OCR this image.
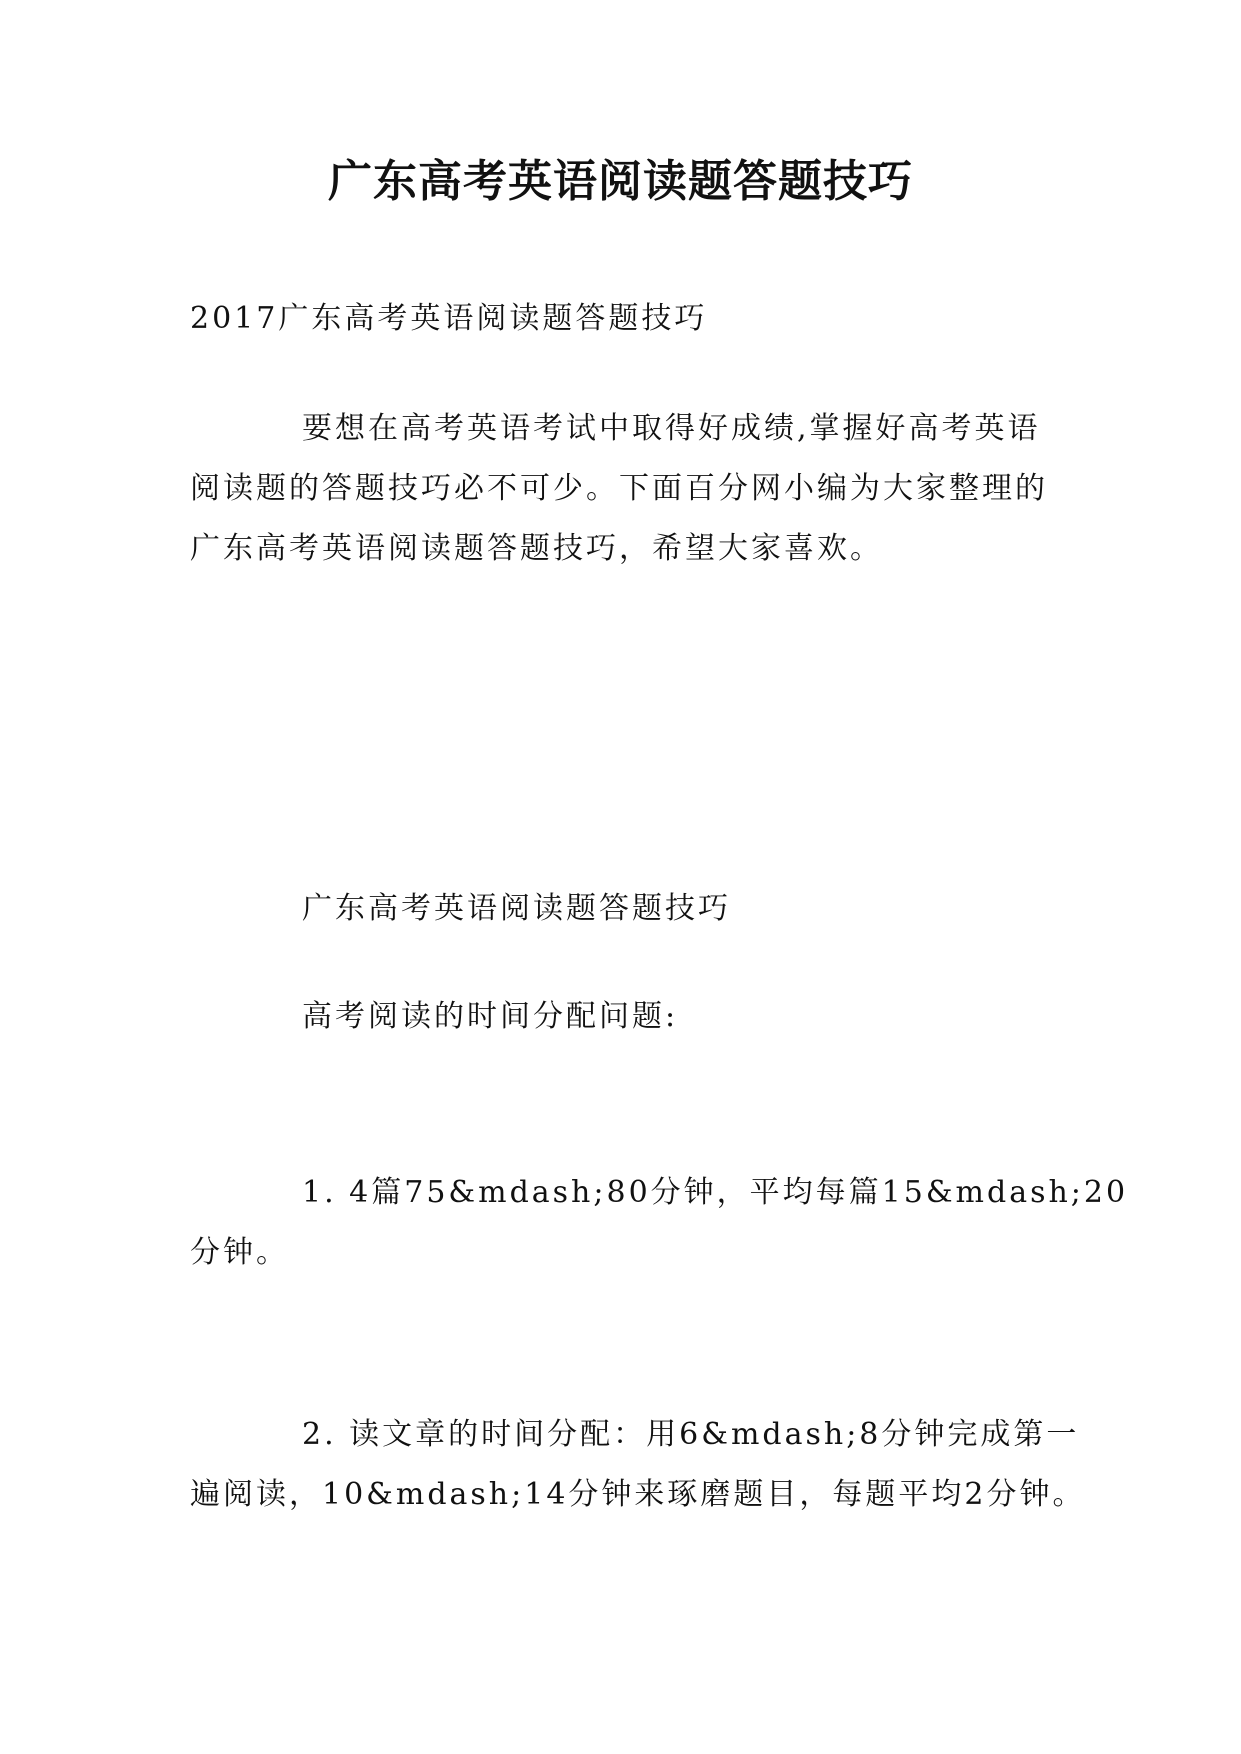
广东高考英语阅读题答题技巧

2017广东高考英语阅读题答题技巧

要想在高考英语考试中取得好成绩,掌握好高考英语

阅读题的答题技巧必不可少。下面百分网小编为大家整理的

广东高考英语阅读题答题技巧，希望大家喜欢。

广东高考英语阅读题答题技巧

高考阅读的时间分配问题:

1. 4篇75&mdash;80分钟，平均每篇15&mdash;20

分钟。

2. 读文章的时间分配：用6&mdash;8分钟完成第一

遍阅读，10&mdash;14分钟来琢磨题目，每题平均2分钟。
